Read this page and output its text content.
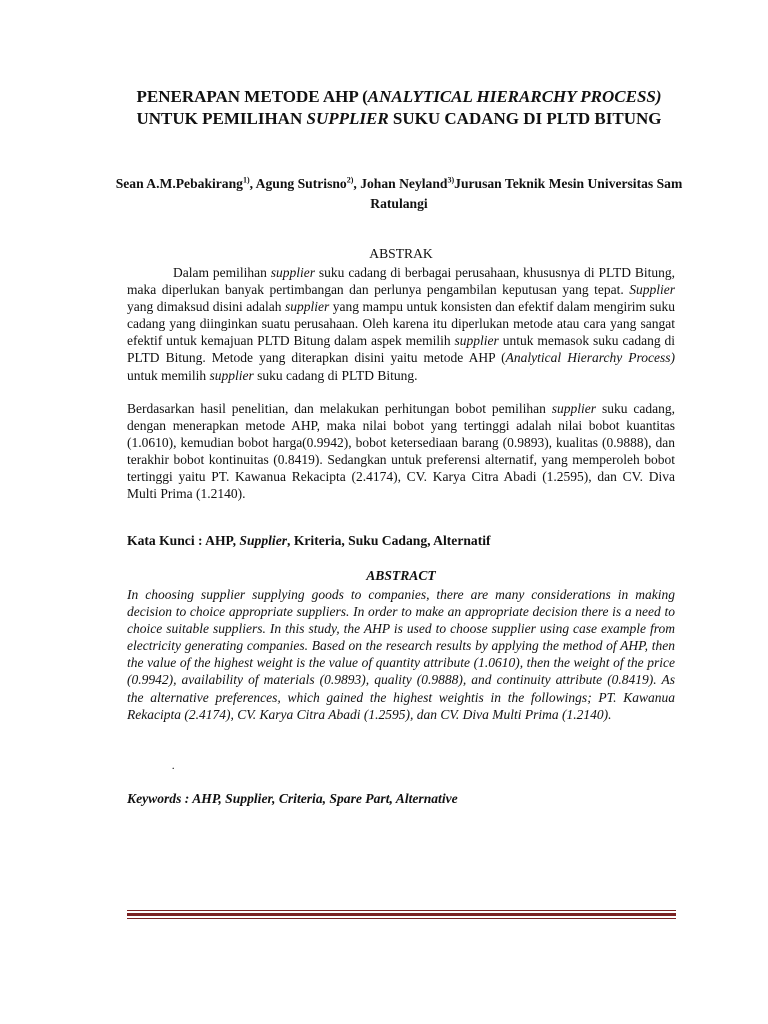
PENERAPAN METODE AHP (ANALYTICAL HIERARCHY PROCESS) UNTUK PEMILIHAN SUPPLIER SUKU CADANG DI PLTD BITUNG
Sean A.M.Pebakirang$^{1)}$, Agung Sutrisno$^{2)}$, Johan Neyland$^{3)}$Jurusan Teknik Mesin Universitas Sam Ratulangi
ABSTRAK

Dalam pemilihan supplier suku cadang di berbagai perusahaan, khususnya di PLTD Bitung, maka diperlukan banyak pertimbangan dan perlunya pengambilan keputusan yang tepat. Supplier yang dimaksud disini adalah supplier yang mampu untuk konsisten dan efektif dalam mengirim suku cadang yang diinginkan suatu perusahaan. Oleh karena itu diperlukan metode atau cara yang sangat efektif untuk kemajuan PLTD Bitung dalam aspek memilih supplier untuk memasok suku cadang di PLTD Bitung. Metode yang diterapkan disini yaitu metode AHP (Analytical Hierarchy Process) untuk memilih supplier suku cadang di PLTD Bitung.

Berdasarkan hasil penelitian, dan melakukan perhitungan bobot pemilihan supplier suku cadang, dengan menerapkan metode AHP, maka nilai bobot yang tertinggi adalah nilai bobot kuantitas (1.0610), kemudian bobot harga(0.9942), bobot ketersediaan barang (0.9893), kualitas (0.9888), dan terakhir bobot kontinuitas (0.8419). Sedangkan untuk preferensi alternatif, yang memperoleh bobot tertinggi yaitu PT. Kawanua Rekacipta (2.4174), CV. Karya Citra Abadi (1.2595), dan CV. Diva Multi Prima (1.2140).

Kata Kunci : AHP, Supplier, Kriteria, Suku Cadang, Alternatif
ABSTRACT

In choosing supplier supplying goods to companies, there are many considerations in making decision to choice appropriate suppliers. In order to make an appropriate decision there is a need to choice suitable suppliers. In this study, the AHP is used to choose supplier using case example from electricity generating companies. Based on the research results by applying the method of AHP, then the value of the highest weight is the value of quantity attribute (1.0610), then the weight of the price (0.9942), availability of materials (0.9893), quality (0.9888), and continuity attribute (0.8419). As the alternative preferences, which gained the highest weightis in the followings; PT. Kawanua Rekacipta (2.4174), CV. Karya Citra Abadi (1.2595), dan CV. Diva Multi Prima (1.2140).

.
Keywords : AHP, Supplier, Criteria, Spare Part, Alternative
